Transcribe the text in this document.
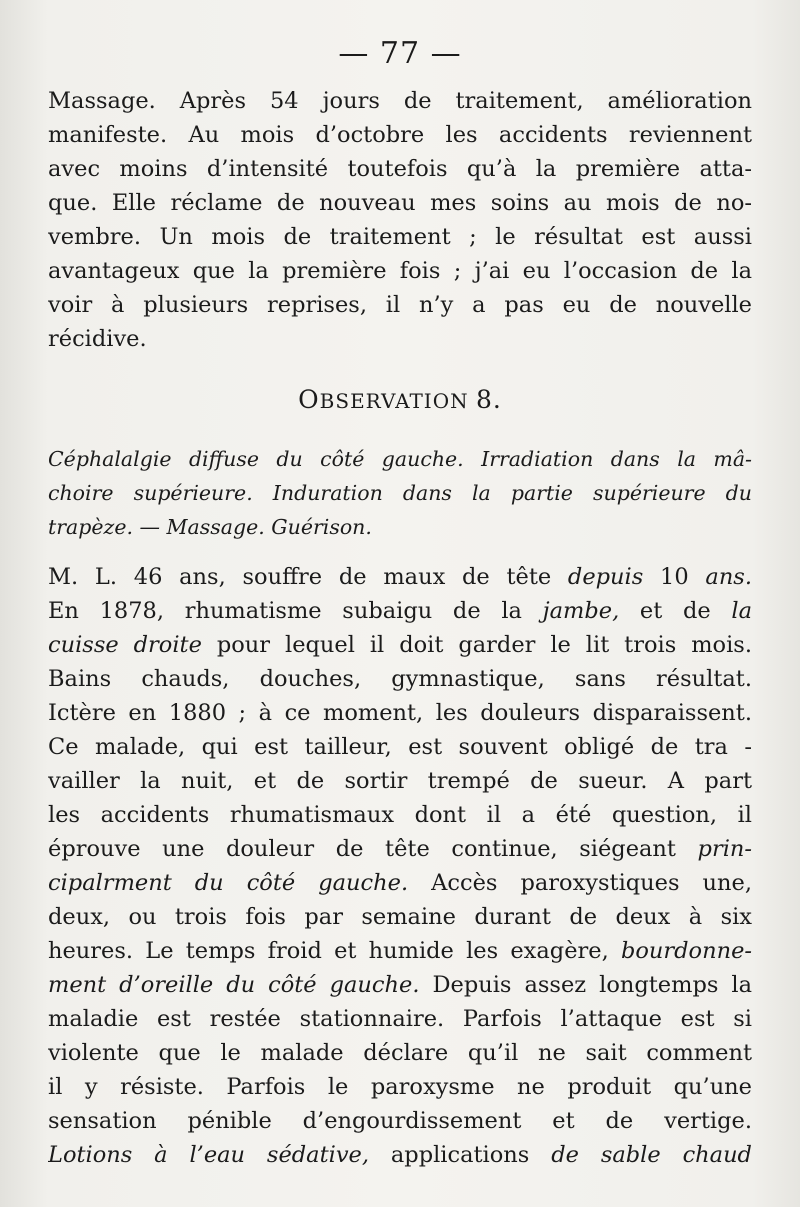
— 77 —
Massage. Après 54 jours de traitement, amélioration
manifeste. Au mois d’octobre les accidents reviennent
avec moins d’intensité toutefois qu’à la première atta-
que. Elle réclame de nouveau mes soins au mois de no-
vembre. Un mois de traitement ; le résultat est aussi
avantageux que la première fois ; j’ai eu l’occasion de la
voir à plusieurs reprises, il n’y a pas eu de nouvelle
récidive.
OBSERVATION 8.
Céphalalgie diffuse du côté gauche. Irradiation dans la mâ-
choire supérieure. Induration dans la partie supérieure du
trapèze. — Massage. Guérison.
M. L. 46 ans, souffre de maux de tête depuis 10 ans.
En 1878, rhumatisme subaigu de la jambe, et de la
cuisse droite pour lequel il doit garder le lit trois mois.
Bains chauds, douches, gymnastique, sans résultat.
Ictère en 1880 ; à ce moment, les douleurs disparaissent.
Ce malade, qui est tailleur, est souvent obligé de tra -
vailler la nuit, et de sortir trempé de sueur. A part
les accidents rhumatismaux dont il a été question, il
éprouve une douleur de tête continue, siégeant prin-
cipalrment du côté gauche. Accès paroxystiques une,
deux, ou trois fois par semaine durant de deux à six
heures. Le temps froid et humide les exagère, bourdonne-
ment d’oreille du côté gauche. Depuis assez longtemps la
maladie est restée stationnaire. Parfois l’attaque est si
violente que le malade déclare qu’il ne sait comment
il y résiste. Parfois le paroxysme ne produit qu’une
sensation pénible d’engourdissement et de vertige.
Lotions à l’eau sédative, applications de sable chaud
